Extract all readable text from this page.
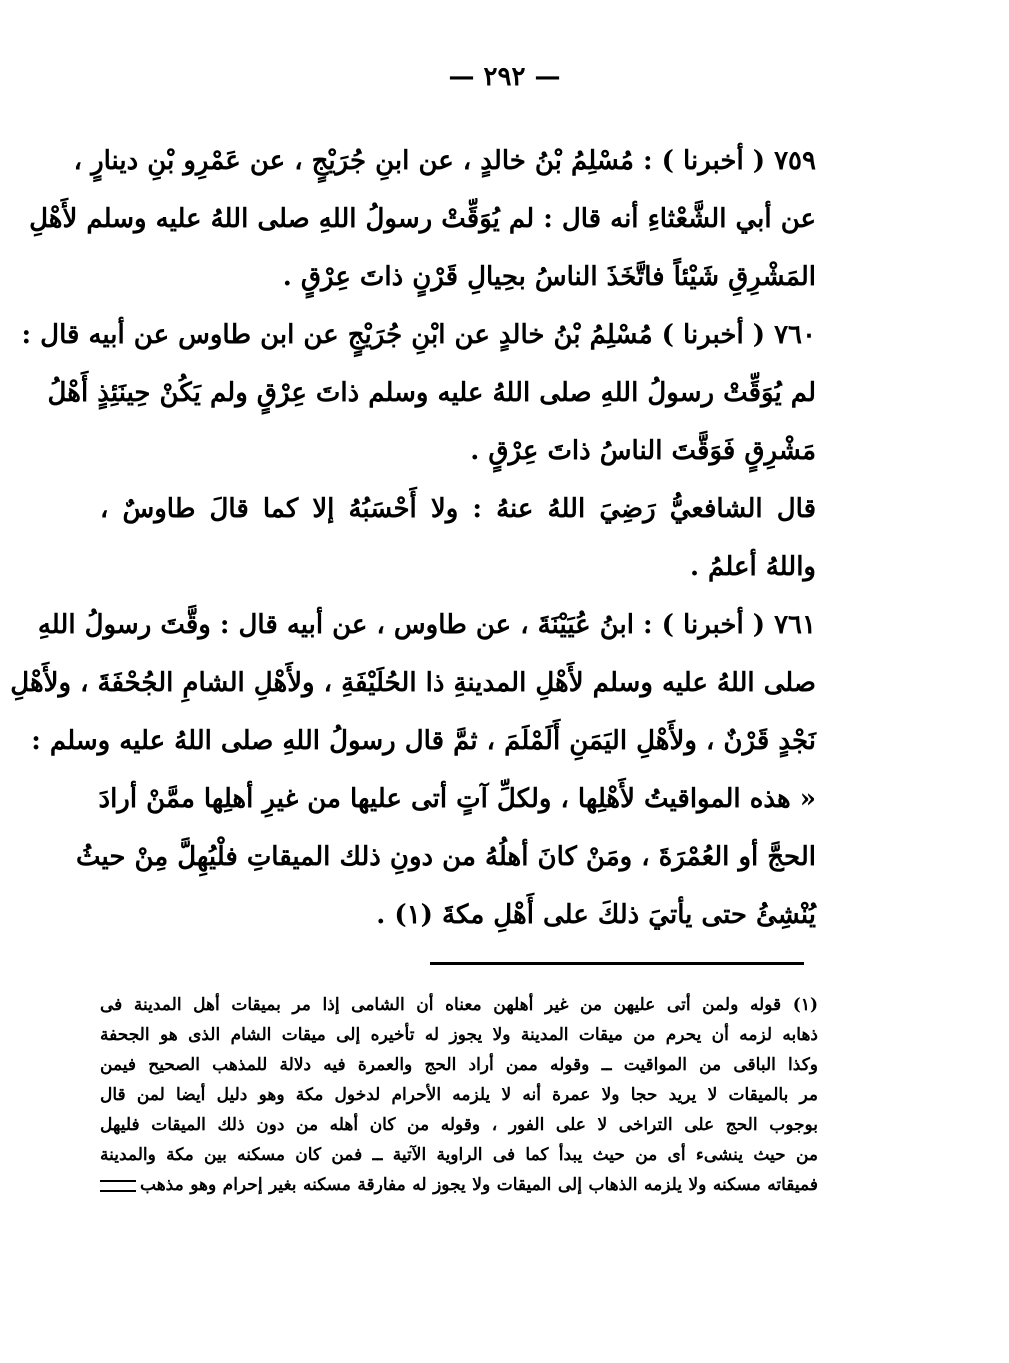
— ٢٩٢ —
٧٥٩ ( أخبرنا ) : مُسْلِمُ بْنُ خالدٍ ، عن ابنِ جُرَيْجٍ ، عن عَمْرِو بْنِ دينارٍ ،
عن أبي الشَّعْثاءِ أنه قال : لم يُوَقِّتْ رسولُ اللهِ صلى اللهُ عليه وسلم لأَهْلِ
المَشْرِقِ شَيْئاً فاتَّخَذَ الناسُ بحِيالِ قَرْنٍ ذاتَ عِرْقٍ .
٧٦٠ ( أخبرنا ) مُسْلِمُ بْنُ خالدٍ عن ابْنِ جُرَيْجٍ عن ابن طاوس عن أبيه قال :
لم يُوَقِّتْ رسولُ اللهِ صلى اللهُ عليه وسلم ذاتَ عِرْقٍ ولم يَكُنْ حِينَئِذٍ أَهْلُ
مَشْرِقٍ فَوَقَّتَ الناسُ ذاتَ عِرْقٍ .
قال الشافعيُّ رَضِيَ اللهُ عنهُ : ولا أَحْسَبُهُ إلا كما قالَ طاوسٌ ،
واللهُ أعلمُ .
٧٦١ ( أخبرنا ) : ابنُ عُيَيْنَةَ ، عن طاوس ، عن أبيه قال : وقَّتَ رسولُ اللهِ
صلى اللهُ عليه وسلم لأَهْلِ المدينةِ ذا الحُلَيْفَةِ ، ولأَهْلِ الشامِ الجُحْفَةَ ، ولأَهْلِ
نَجْدٍ قَرْنٌ ، ولأَهْلِ اليَمَنِ أَلَمْلَمَ ، ثمَّ قال رسولُ اللهِ صلى اللهُ عليه وسلم :
« هذه المواقيتُ لأَهْلِها ، ولكلِّ آتٍ أتى عليها من غيرِ أهلِها ممَّنْ أرادَ
الحجَّ أو العُمْرَةَ ، ومَنْ كانَ أهلُهُ من دونِ ذلك الميقاتِ فلْيُهِلَّ مِنْ حيثُ
يُنْشِئُ حتى يأتيَ ذلكَ على أَهْلِ مكةَ (١) .
(١) قوله ولمن أتى عليهن من غير أهلهن معناه أن الشامى إذا مر بميقات أهل المدينة فى
ذهابه لزمه أن يحرم من ميقات المدينة ولا يجوز له تأخيره إلى ميقات الشام الذى هو الجحفة
وكذا الباقى من المواقيت ــ وقوله ممن أراد الحج والعمرة فيه دلالة للمذهب الصحيح فيمن
مر بالميقات لا يريد حجا ولا عمرة أنه لا يلزمه الأحرام لدخول مكة وهو دليل أيضا لمن قال
بوجوب الحج على التراخى لا على الفور ، وقوله من كان أهله من دون ذلك الميقات فليهل
من حيث ينشىء أى من حيث يبدأ كما فى الراوية الآتية ــ فمن كان مسكنه بين مكة والمدينة
فميقاته مسكنه ولا يلزمه الذهاب إلى الميقات ولا يجوز له مفارقة مسكنه بغير إحرام وهو مذهب
